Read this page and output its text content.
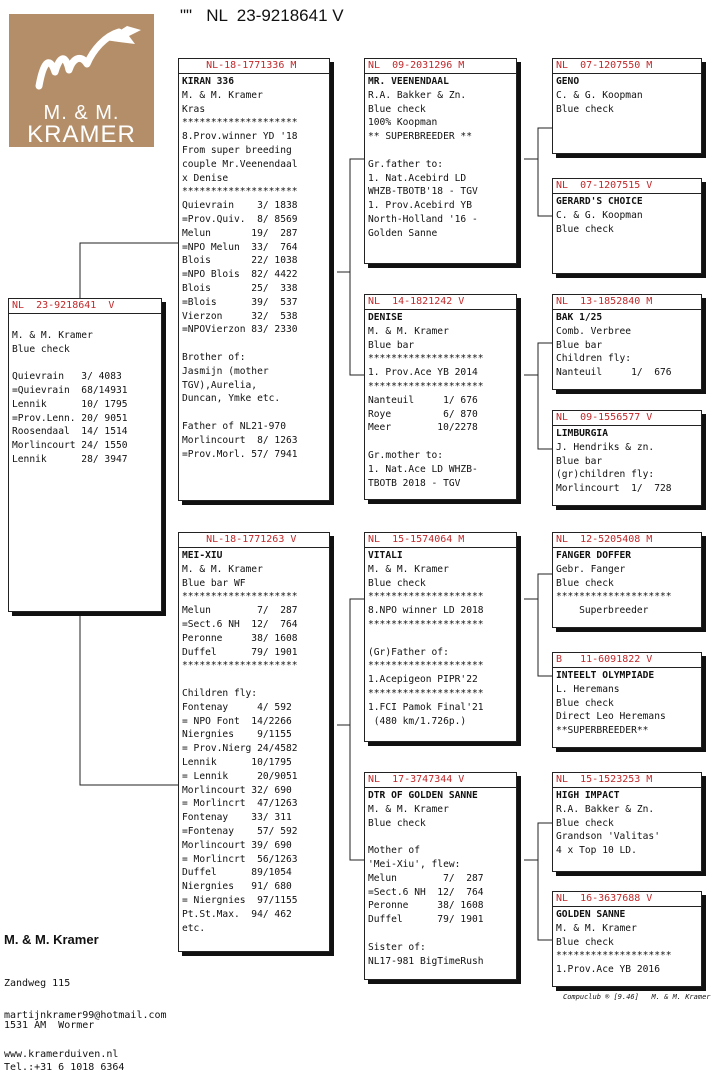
M. & M.
KRAMER
""   NL  23-9218641 V
NL  23-9218641  V

M. & M. Kramer
Blue check

Quievrain   3/ 4083
=Quievrain  68/14931
Lennik      10/ 1795
=Prov.Lenn. 20/ 9051
Roosendaal  14/ 1514
Morlincourt 24/ 1550
Lennik      28/ 3947
NL-18-1771336 M
KIRAN 336
M. & M. Kramer
Kras
********************
8.Prov.winner YD '18
From super breeding
couple Mr.Veenendaal
x Denise
********************
Quievrain    3/ 1838
=Prov.Quiv.  8/ 8569
Melun       19/  287
=NPO Melun  33/  764
Blois       22/ 1038
=NPO Blois  82/ 4422
Blois       25/  338
=Blois      39/  537
Vierzon     32/  538
=NPOVierzon 83/ 2330

Brother of:
Jasmijn (mother
TGV),Aurelia,
Duncan, Ymke etc.

Father of NL21-970
Morlincourt  8/ 1263
=Prov.Morl. 57/ 7941
NL-18-1771263 V
MEI-XIU
M. & M. Kramer
Blue bar WF
********************
Melun        7/  287
=Sect.6 NH  12/  764
Peronne     38/ 1608
Duffel      79/ 1901
********************

Children fly:
Fontenay     4/ 592
= NPO Font  14/2266
Niergnies    9/1155
= Prov.Nierg 24/4582
Lennik      10/1795
= Lennik     20/9051
Morlincourt 32/ 690
= Morlincrt  47/1263
Fontenay    33/ 311
=Fontenay    57/ 592
Morlincourt 39/ 690
= Morlincrt  56/1263
Duffel      89/1054
Niergnies   91/ 680
= Niergnies  97/1155
Pt.St.Max.  94/ 462
etc.
NL  09-2031296 M
MR. VEENENDAAL
R.A. Bakker & Zn.
Blue check
100% Koopman
** SUPERBREEDER **

Gr.father to:
1. Nat.Acebird LD
WHZB-TBOTB'18 - TGV
1. Prov.Acebird YB
North-Holland '16 -
Golden Sanne
NL  14-1821242 V
DENISE
M. & M. Kramer
Blue bar
********************
1. Prov.Ace YB 2014
********************
Nanteuil     1/ 676
Roye         6/ 870
Meer        10/2278

Gr.mother to:
1. Nat.Ace LD WHZB-
TBOTB 2018 - TGV
NL  15-1574064 M
VITALI
M. & M. Kramer
Blue check
********************
8.NPO winner LD 2018
********************

(Gr)Father of:
********************
1.Acepigeon PIPR'22
********************
1.FCI Pamok Final'21
(480 km/1.726p.)
NL  17-3747344 V
DTR OF GOLDEN SANNE
M. & M. Kramer
Blue check

Mother of
'Mei-Xiu', flew:
Melun        7/  287
=Sect.6 NH  12/  764
Peronne     38/ 1608
Duffel      79/ 1901

Sister of:
NL17-981 BigTimeRush
NL  07-1207550 M
GENO
C. & G. Koopman
Blue check
NL  07-1207515 V
GERARD'S CHOICE
C. & G. Koopman
Blue check
NL  13-1852840 M
BAK 1/25
Comb. Verbree
Blue bar
Children fly:
Nanteuil     1/  676
NL  09-1556577 V
LIMBURGIA
J. Hendriks & zn.
Blue bar
(gr)children fly:
Morlincourt  1/  728
NL  12-5205408 M
FANGER DOFFER
Gebr. Fanger
Blue check
********************
Superbreeder
B   11-6091822 V
INTEELT OLYMPIADE
L. Heremans
Blue check
Direct Leo Heremans
**SUPERBREEDER**
NL  15-1523253 M
HIGH IMPACT
R.A. Bakker & Zn.
Blue check
Grandson 'Valitas'
4 x Top 10 LD.
NL  16-3637688 V
GOLDEN SANNE
M. & M. Kramer
Blue check
********************
1.Prov.Ace YB 2016

M. & M. Kramer

Zandweg 115

1531 AM  Wormer

Tel.:+31 6 1018 6364

martijnkramer99@hotmail.com

www.kramerduiven.nl

Compuclub ® [9.46]   M. & M. Kramer
